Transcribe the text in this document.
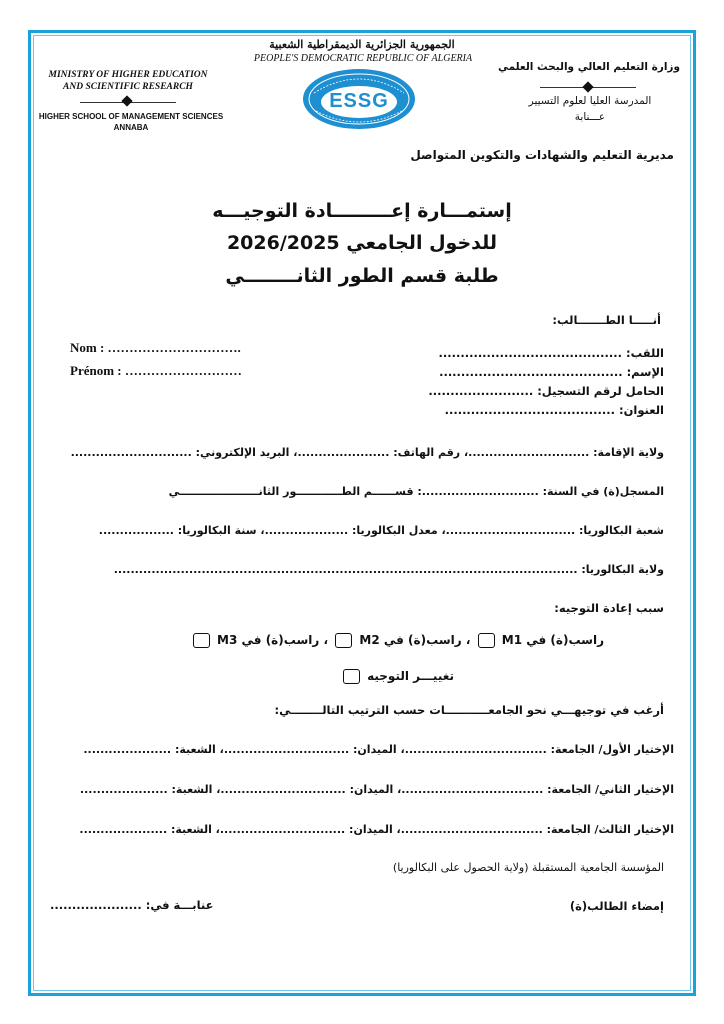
الجمهورية الجزائرية الديمقراطية الشعبية
PEOPLE'S DEMOCRATIC REPUBLIC OF ALGERIA
ESSG
MINISTRY OF HIGHER EDUCATION
AND SCIENTIFIC RESEARCH
HIGHER SCHOOL OF MANAGEMENT SCIENCES
ANNABA
وزارة التعليم العالي والبحث العلمي
المدرسة العليا لعلوم التسيير
عـــنابة
مديرية التعليم والشهادات والتكوين المتواصل
إستمـــارة إعـــــــــادة التوجيـــه
للدخول الجامعي 2026/2025
طلبة قسم الطور الثانــــــــي
أنـــــا الطـــــــالب:
Nom : ………………………….
Prénom : ………………………
اللقب: ..........................................
الإسم: ..........................................
الحامل لرقم التسجيل: ........................
العنوان: .......................................
ولاية الإقامة: .............................، رقم الهاتف: ......................، البريد الإلكتروني: .............................
المسجل(ة) في السنة: ............................: قســــــم الطــــــــــــور الثانـــــــــــــــــــــي
شعبة البكالوريا: ...............................، معدل البكالوريا: ....................، سنة البكالوريا: ..................
ولاية البكالوريا: ...............................................................................................................
سبب إعادة التوجيه:
راسب(ة) في M1  ، راسب(ة) في M2  ، راسب(ة) في M3
تغييـــر التوجيه
أرغب في توجيهـــي نحو الجامعـــــــــــات حسب الترتيب التالــــــــي:
الإختيار الأول/ الجامعة: ..................................، الميدان: ..............................، الشعبة: .....................
الإختيار الثاني/ الجامعة: ..................................، الميدان: ..............................، الشعبة: .....................
الإختيار الثالث/ الجامعة: ..................................، الميدان: ..............................، الشعبة: .....................
المؤسسة الجامعية المستقبلة (ولاية الحصول على البكالوريا)
إمضاء الطالب(ة)
عنابـــة في: .....................
